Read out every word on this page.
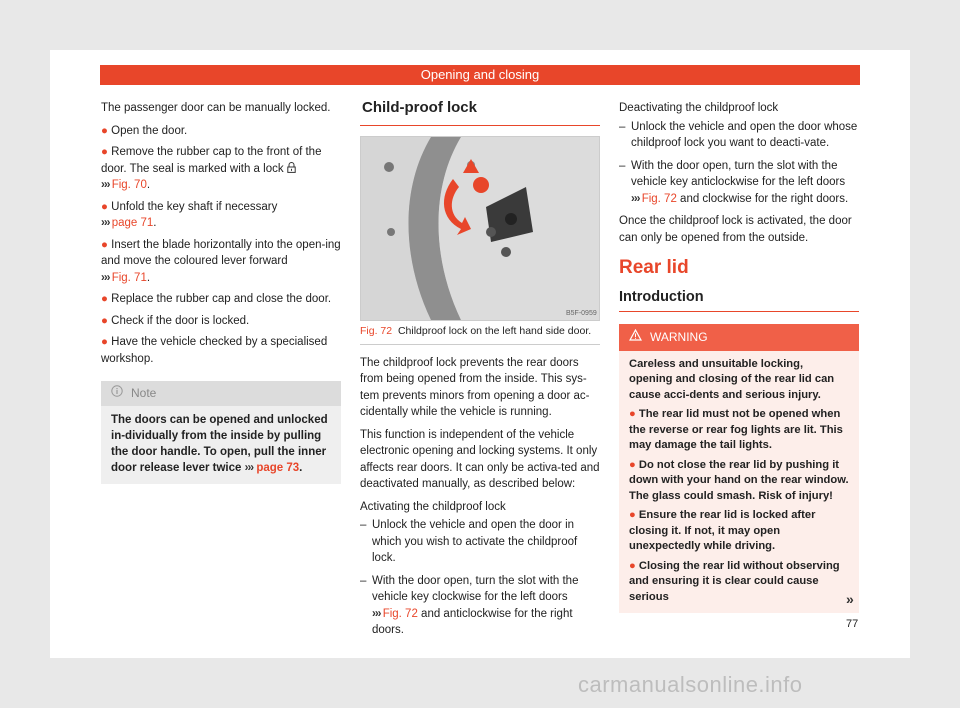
Opening and closing

The passenger door can be manually locked.

● Open the door.

● Remove the rubber cap to the front of the door. The seal is marked with a lock
››› Fig. 70.

● Unfold the key shaft if necessary
››› page 71.

● Insert the blade horizontally into the open-ing and move the coloured lever forward
››› Fig. 71.

● Replace the rubber cap and close the door.

● Check if the door is locked.

● Have the vehicle checked by a specialised workshop.

Note
The doors can be opened and unlocked in-dividually from the inside by pulling the door handle. To open, pull the inner door release lever twice ››› page 73.
Child-proof lock
B5F-0959

Fig. 72 Childproof lock on the left hand side door.

The childproof lock prevents the rear doors from being opened from the inside. This sys-tem prevents minors from opening a door ac-cidentally while the vehicle is running.

This function is independent of the vehicle electronic opening and locking systems. It only affects rear doors. It can only be activa-ted and deactivated manually, as described below:

Activating the childproof lock

– Unlock the vehicle and open the door in which you wish to activate the childproof lock.
– With the door open, turn the slot with the vehicle key clockwise for the left doors
››› Fig. 72 and anticlockwise for the right doors.

Deactivating the childproof lock

– Unlock the vehicle and open the door whose childproof lock you want to deacti-vate.
– With the door open, turn the slot with the vehicle key anticlockwise for the left doors
››› Fig. 72 and clockwise for the right doors.

Once the childproof lock is activated, the door can only be opened from the outside.

Rear lid
Introduction
WARNING

Careless and unsuitable locking, opening and closing of the rear lid can cause acci-dents and serious injury.

● The rear lid must not be opened when the reverse or rear fog lights are lit. This may damage the tail lights.

● Do not close the rear lid by pushing it down with your hand on the rear window. The glass could smash. Risk of injury!

● Ensure the rear lid is locked after closing it. If not, it may open unexpectedly while driving.

● Closing the rear lid without observing and ensuring it is clear could cause serious	»
77
carmanualsonline.info
